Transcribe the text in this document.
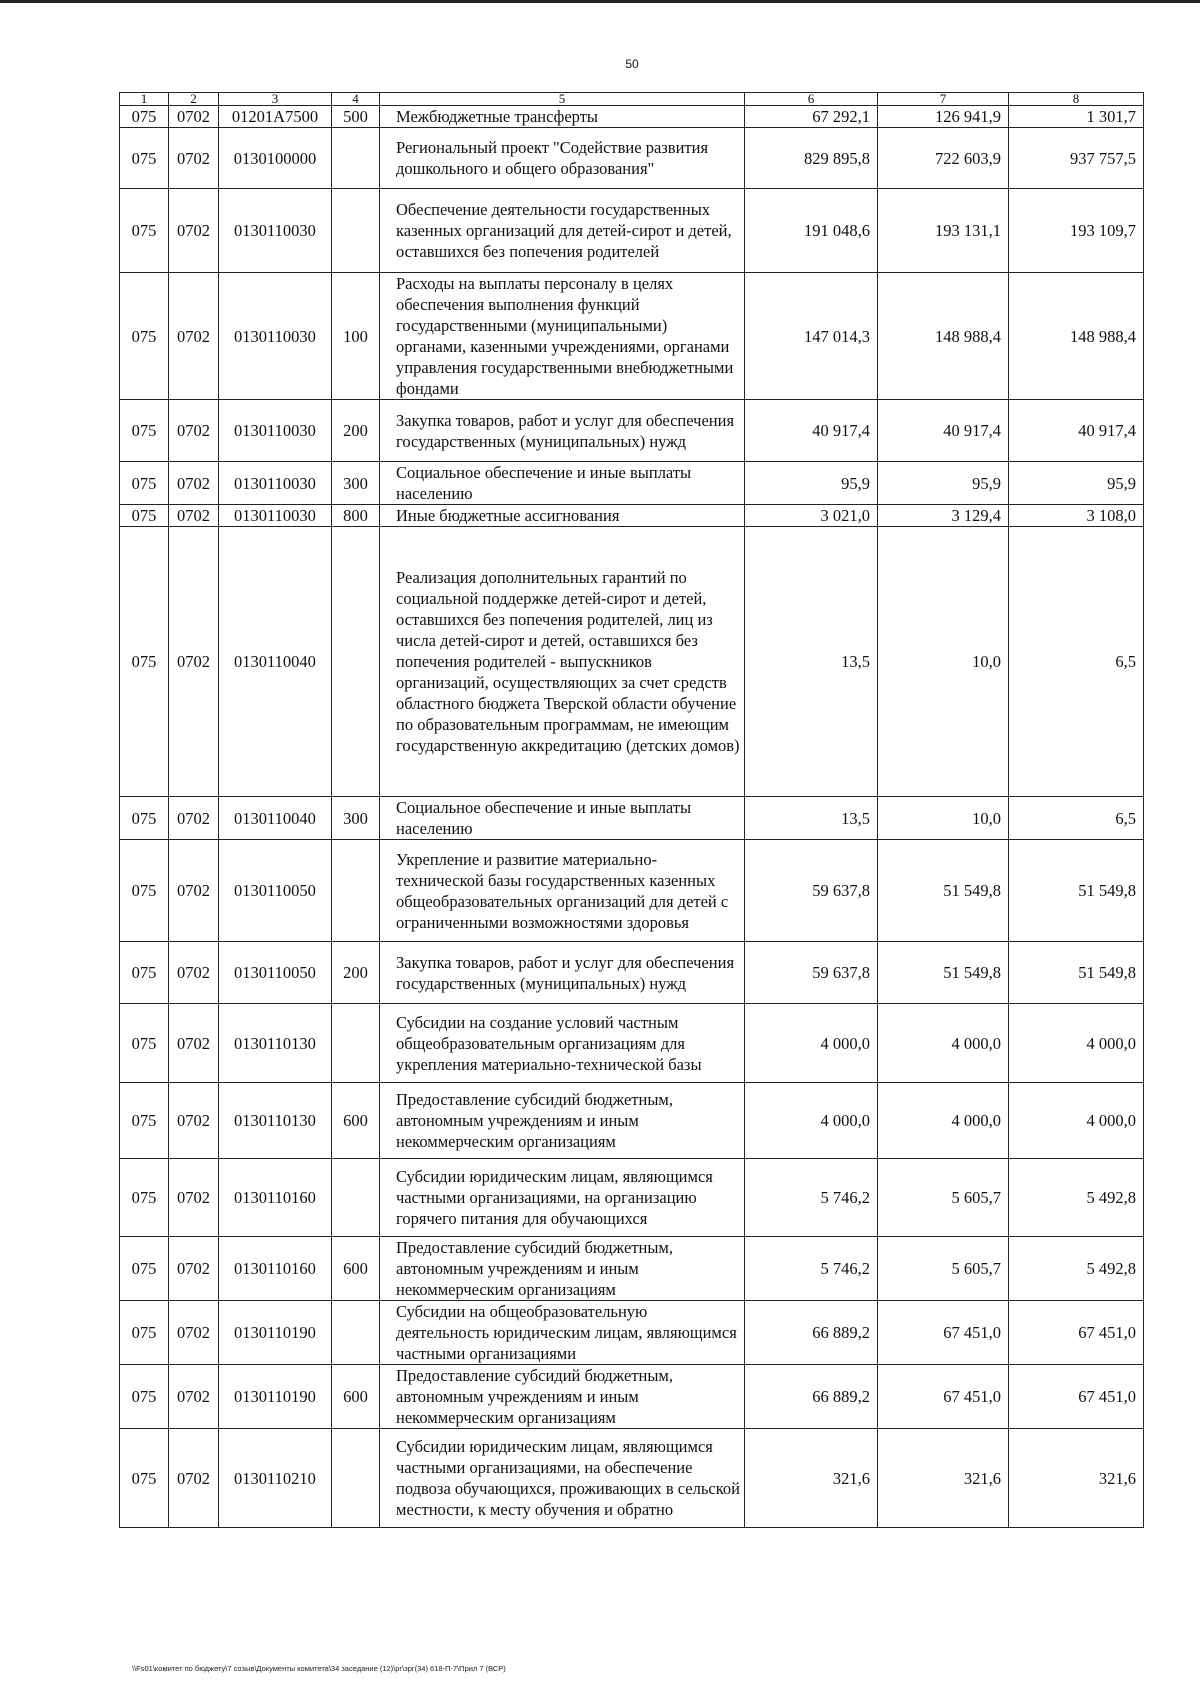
50
1	2	3	4	5	6	7	8
075	0702	01201А7500	500	Межбюджетные трансферты	67 292,1	126 941,9	1 301,7
075	0702	0130100000		Региональный проект "Содействие развития дошкольного и общего образования"	829 895,8	722 603,9	937 757,5
075	0702	0130110030		Обеспечение деятельности государственных казенных организаций для детей-сирот и детей, оставшихся без попечения родителей	191 048,6	193 131,1	193 109,7
075	0702	0130110030	100	Расходы на выплаты персоналу в целях обеспечения выполнения функций государственными (муниципальными) органами, казенными учреждениями, органами управления государственными внебюджетными фондами	147 014,3	148 988,4	148 988,4
075	0702	0130110030	200	Закупка товаров, работ и услуг для обеспечения государственных (муниципальных) нужд	40 917,4	40 917,4	40 917,4
075	0702	0130110030	300	Социальное обеспечение и иные выплаты населению	95,9	95,9	95,9
075	0702	0130110030	800	Иные бюджетные ассигнования	3 021,0	3 129,4	3 108,0
075	0702	0130110040		Реализация дополнительных гарантий по социальной поддержке детей-сирот и детей, оставшихся без попечения родителей, лиц из числа детей-сирот и детей, оставшихся без попечения родителей - выпускников организаций, осуществляющих за счет средств областного бюджета Тверской области обучение по образовательным программам, не имеющим государственную аккредитацию (детских домов)	13,5	10,0	6,5
075	0702	0130110040	300	Социальное обеспечение и иные выплаты населению	13,5	10,0	6,5
075	0702	0130110050		Укрепление и развитие материально-технической базы государственных казенных общеобразовательных организаций для детей с ограниченными возможностями здоровья	59 637,8	51 549,8	51 549,8
075	0702	0130110050	200	Закупка товаров, работ и услуг для обеспечения государственных (муниципальных) нужд	59 637,8	51 549,8	51 549,8
075	0702	0130110130		Субсидии на создание условий частным общеобразовательным организациям для укрепления материально-технической базы	4 000,0	4 000,0	4 000,0
075	0702	0130110130	600	Предоставление субсидий бюджетным, автономным учреждениям и иным некоммерческим организациям	4 000,0	4 000,0	4 000,0
075	0702	0130110160		Субсидии юридическим лицам, являющимся частными организациями, на организацию горячего питания для обучающихся	5 746,2	5 605,7	5 492,8
075	0702	0130110160	600	Предоставление субсидий бюджетным, автономным учреждениям и иным некоммерческим организациям	5 746,2	5 605,7	5 492,8
075	0702	0130110190		Субсидии на общеобразовательную деятельность юридическим лицам, являющимся частными организациями	66 889,2	67 451,0	67 451,0
075	0702	0130110190	600	Предоставление субсидий бюджетным, автономным учреждениям и иным некоммерческим организациям	66 889,2	67 451,0	67 451,0
075	0702	0130110210		Субсидии юридическим лицам, являющимся частными организациями, на обеспечение подвоза обучающихся, проживающих в сельской местности, к месту обучения и обратно	321,6	321,6	321,6
\\Fs01\комитет по бюджету\7 созыв\Документы комитета\34 заседание (12)\рг\зрг(34) 618-П-7\Прил 7 (ВСР)
